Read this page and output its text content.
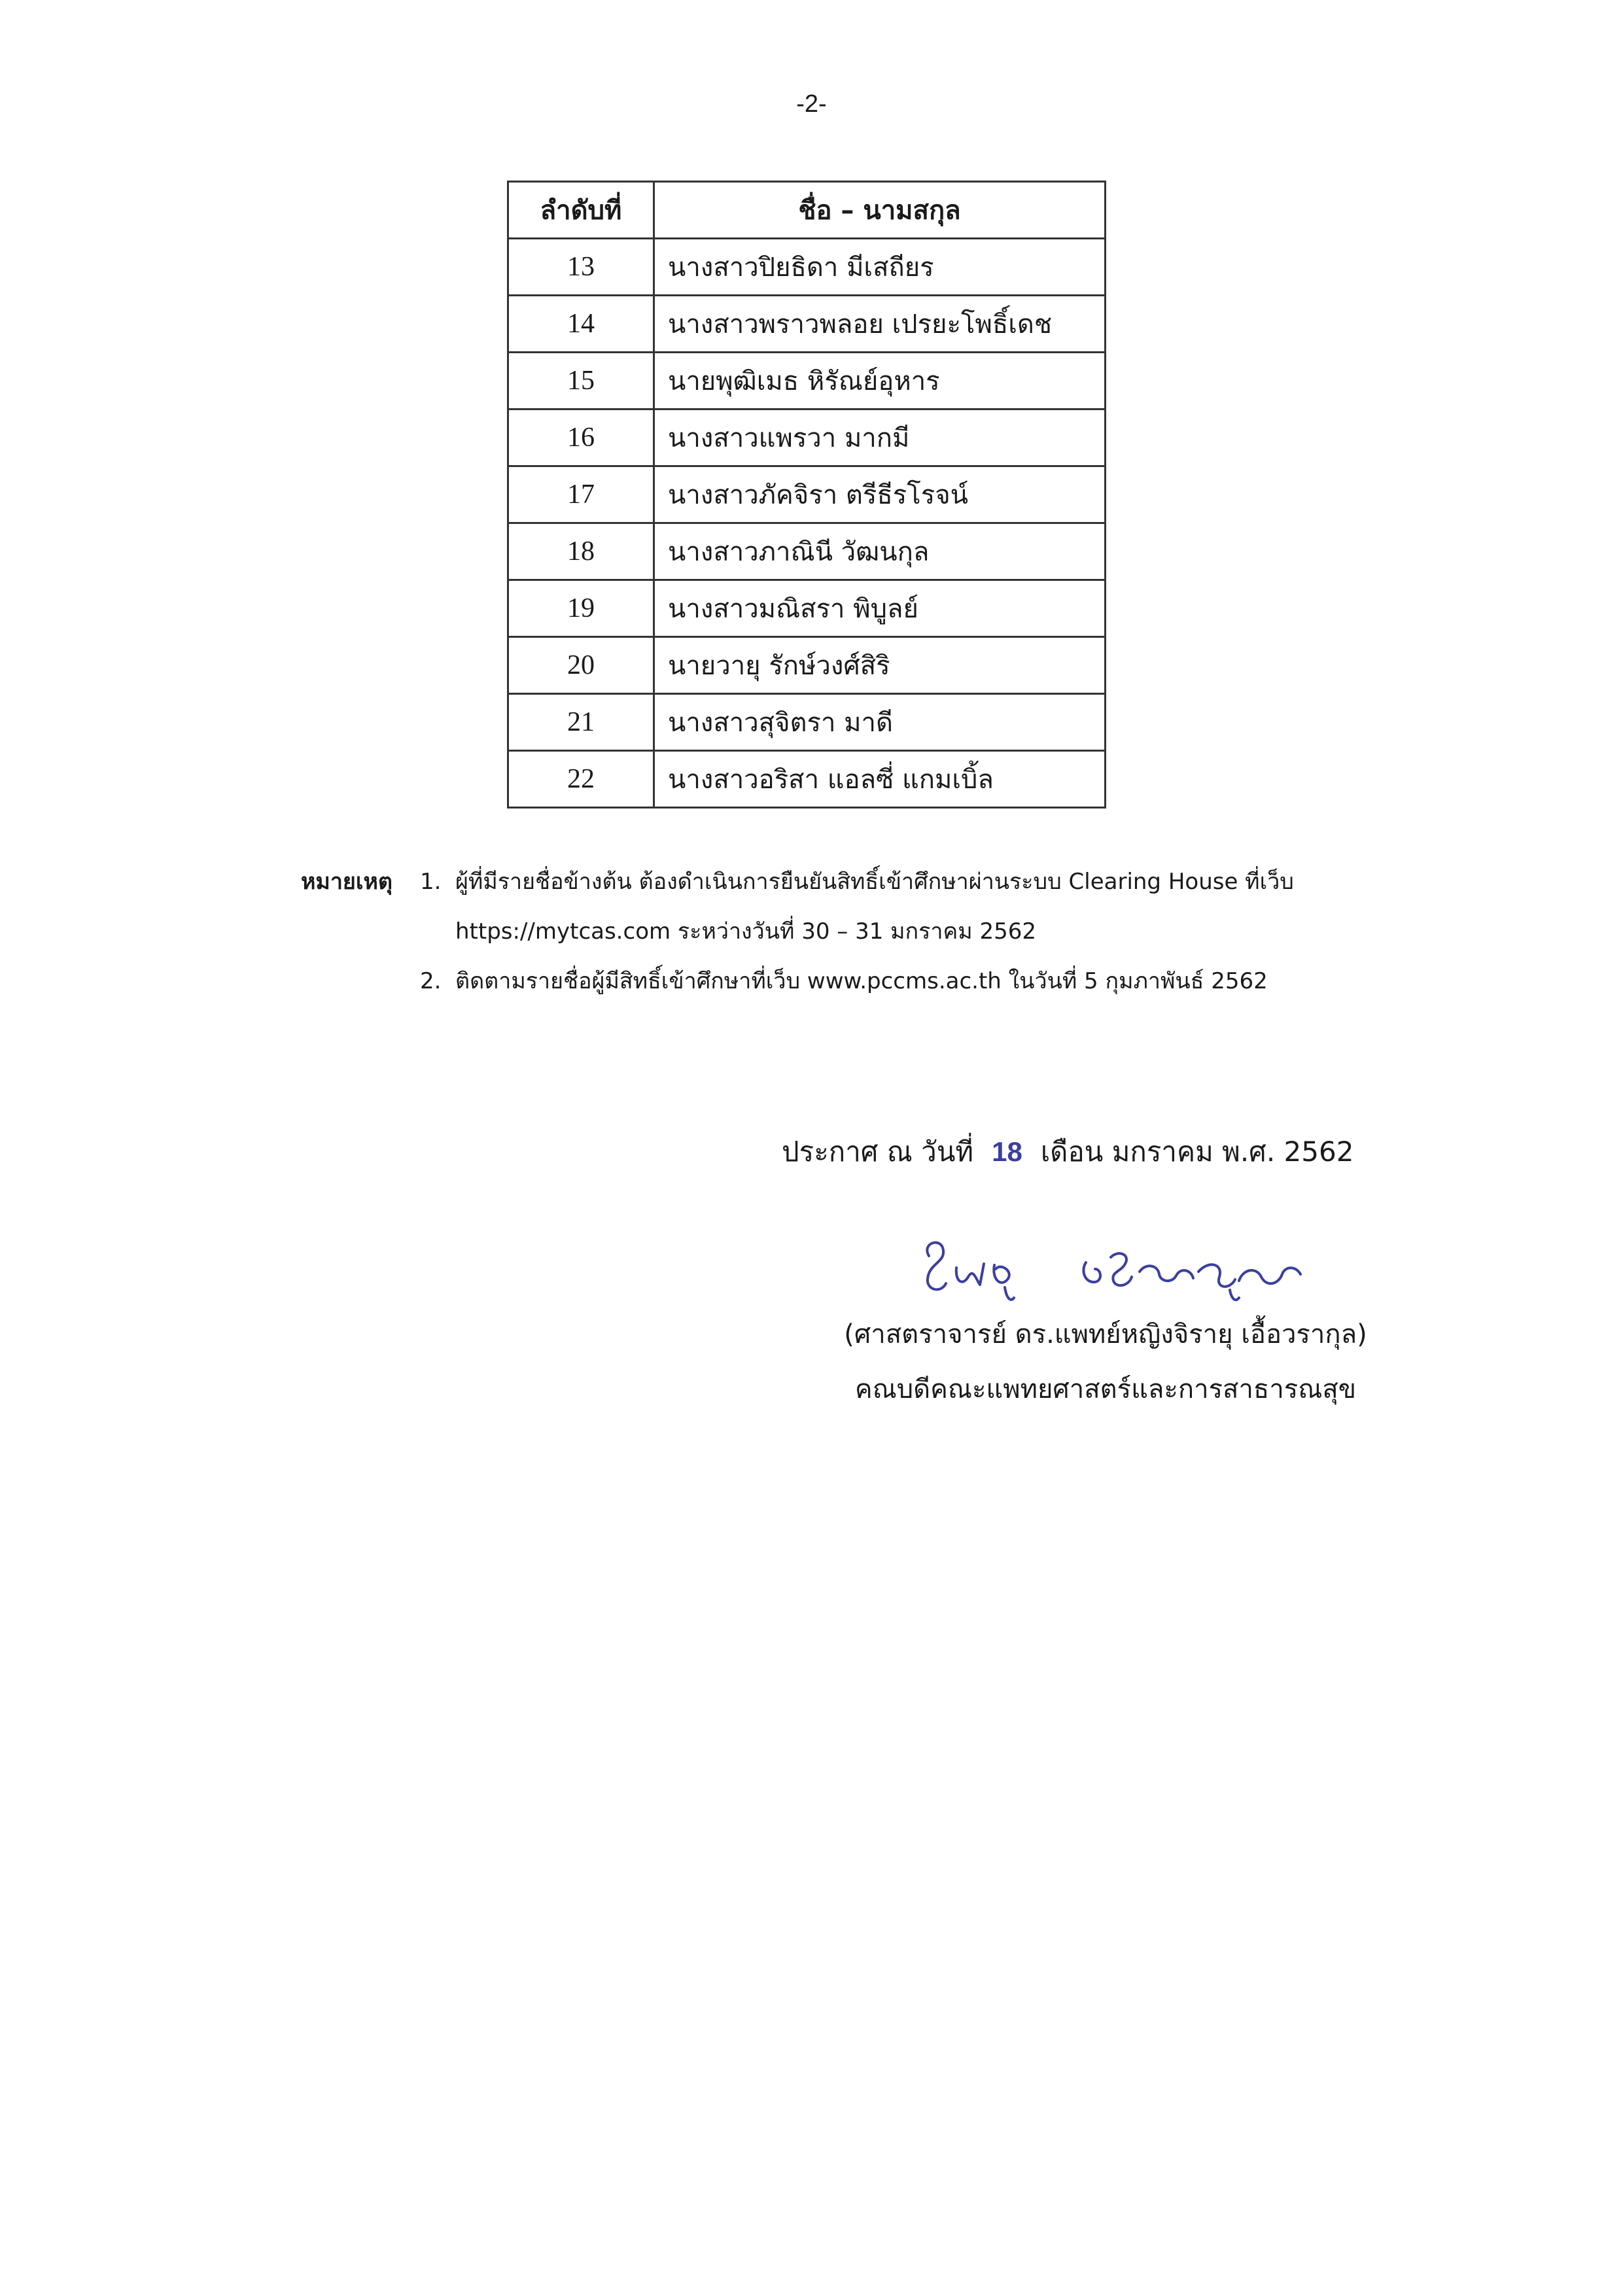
-2-
ลำดับที่	ชื่อ – นามสกุล
13	นางสาวปิยธิดา มีเสถียร
14	นางสาวพราวพลอย เปรยะโพธิ์เดช
15	นายพุฒิเมธ หิรัณย์อุหาร
16	นางสาวแพรวา มากมี
17	นางสาวภัคจิรา ตรีธีรโรจน์
18	นางสาวภาณินี วัฒนกุล
19	นางสาวมณิสรา พิบูลย์
20	นายวายุ รักษ์วงศ์สิริ
21	นางสาวสุจิตรา มาดี
22	นางสาวอริสา แอลซี่ แกมเบิ้ล
หมายเหตุ 1. ผู้ที่มีรายชื่อข้างต้น ต้องดำเนินการยืนยันสิทธิ์เข้าศึกษาผ่านระบบ Clearing House ที่เว็บ
https://mytcas.com ระหว่างวันที่ 30 – 31 มกราคม 2562
2. ติดตามรายชื่อผู้มีสิทธิ์เข้าศึกษาที่เว็บ www.pccms.ac.th ในวันที่ 5 กุมภาพันธ์ 2562
ประกาศ ณ วันที่ 18 เดือน มกราคม พ.ศ. 2562
(ศาสตราจารย์ ดร.แพทย์หญิงจิรายุ เอื้อวรากุล)
คณบดีคณะแพทยศาสตร์และการสาธารณสุข
